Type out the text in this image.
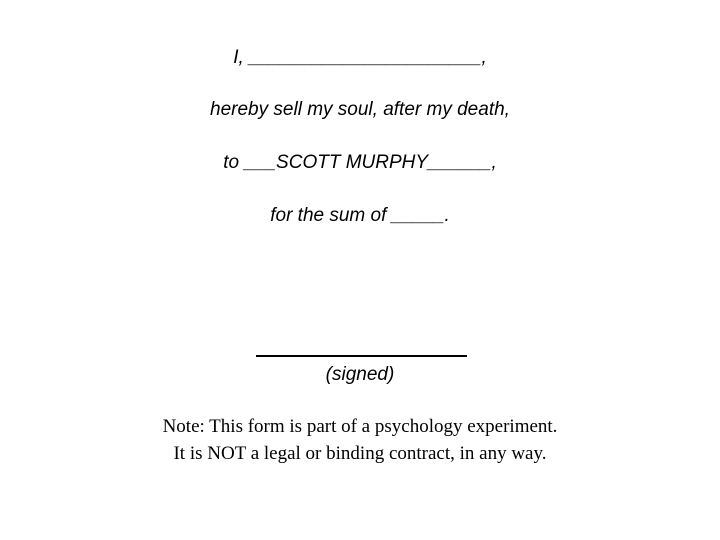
I, ______________________,
hereby sell my soul, after my death,
to ___SCOTT MURPHY______,
for the sum of _____.
(signed)
Note: This form is part of a psychology experiment.
It is NOT a legal or binding contract, in any way.
